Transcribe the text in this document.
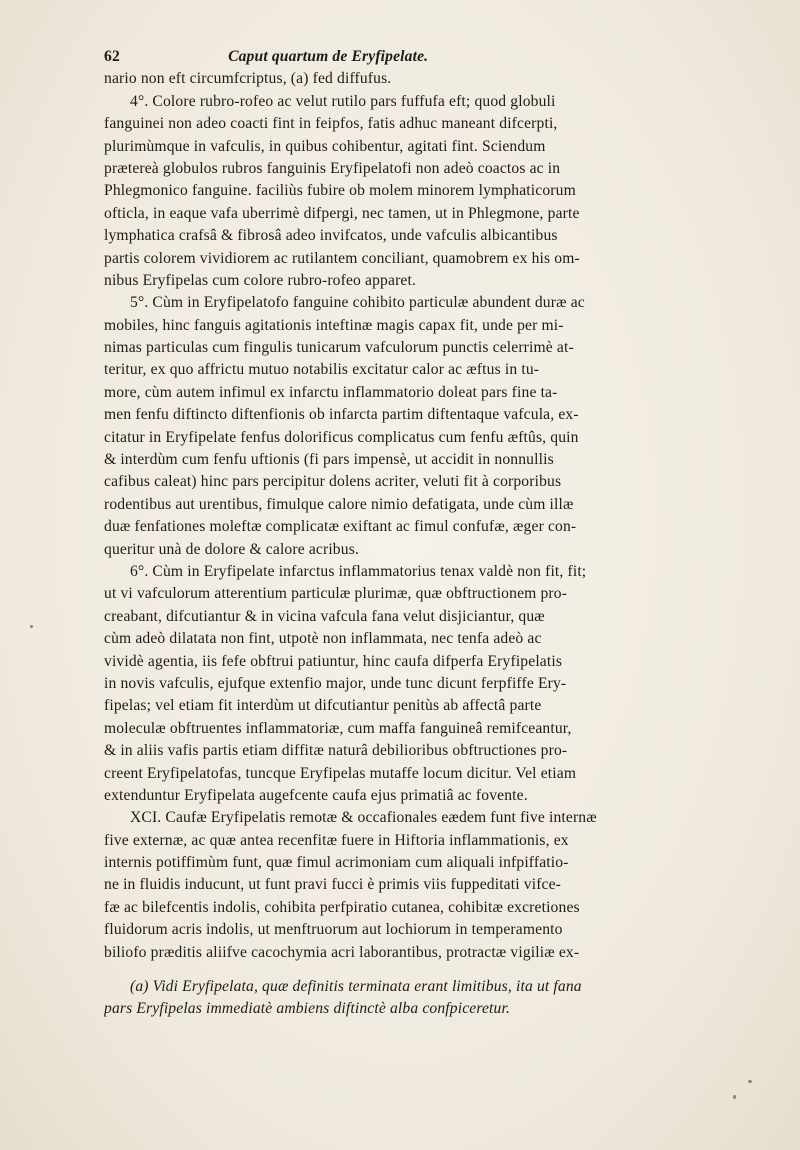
62	Caput quartum de Eryfipelate.
nario non eft circumfcriptus, (a) fed diffufus.
4°. Colore rubro-rofeo ac velut rutilo pars fuffufa eft; quod globuli
fanguinei non adeo coacti fint in feipfos, fatis adhuc maneant difcerpti,
plurimùmque in vafculis, in quibus cohibentur, agitati fint. Sciendum
prætereà globulos rubros fanguinis Eryfipelatofi non adeò coactos ac in
Phlegmonico fanguine. faciliùs fubire ob molem minorem lymphaticorum
ofticla, in eaque vafa uberrimè difpergi, nec tamen, ut in Phlegmone, parte
lymphatica crafsâ & fibrosâ adeo invifcatos, unde vafculis albicantibus
partis colorem vividiorem ac rutilantem conciliant, quamobrem ex his om-
nibus Eryfipelas cum colore rubro-rofeo apparet.
5°. Cùm in Eryfipelatofo fanguine cohibito particulæ abundent duræ ac
mobiles, hinc fanguis agitationis inteftinæ magis capax fit, unde per mi-
nimas particulas cum fingulis tunicarum vafculorum punctis celerrimè at-
teritur, ex quo affrictu mutuo notabilis excitatur calor ac æftus in tu-
more, cùm autem infimul ex infarctu inflammatorio doleat pars fine ta-
men fenfu diftincto diftenfionis ob infarcta partim diftentaque vafcula, ex-
citatur in Eryfipelate fenfus dolorificus complicatus cum fenfu æftûs, quin
& interdùm cum fenfu uftionis (fi pars impensè, ut accidit in nonnullis
cafibus caleat) hinc pars percipitur dolens acriter, veluti fit à corporibus
rodentibus aut urentibus, fimulque calore nimio defatigata, unde cùm illæ
duæ fenfationes moleftæ complicatæ exiftant ac fimul confufæ, æger con-
queritur unà de dolore & calore acribus.
6°. Cùm in Eryfipelate infarctus inflammatorius tenax valdè non fit, fit;
ut vi vafculorum atterentium particulæ plurimæ, quæ obftructionem pro-
creabant, difcutiantur & in vicina vafcula fana velut disjiciantur, quæ
cùm adeò dilatata non fint, utpotè non inflammata, nec tenfa adeò ac
vividè agentia, iis fefe obftrui patiuntur, hinc caufa difperfa Eryfipelatis
in novis vafculis, ejufque extenfio major, unde tunc dicunt ferpfiffe Ery-
fipelas; vel etiam fit interdùm ut difcutiantur penitùs ab affectâ parte
moleculæ obftruentes inflammatoriæ, cum maffa fanguineâ remifceantur,
& in aliis vafis partis etiam diffitæ naturâ debilioribus obftructiones pro-
creent Eryfipelatofas, tuncque Eryfipelas mutaffe locum dicitur. Vel etiam
extenduntur Eryfipelata augefcente caufa ejus primatiâ ac fovente.
XCI. Caufæ Eryfipelatis remotæ & occafionales eædem funt five internæ
five externæ, ac quæ antea recenfitæ fuere in Hiftoria inflammationis, ex
internis potiffimùm funt, quæ fimul acrimoniam cum aliquali infpiffatio-
ne in fluidis inducunt, ut funt pravi fucci è primis viis fuppeditati vifce-
fæ ac bilefcentis indolis, cohibita perfpiratio cutanea, cohibitæ excretiones
fluidorum acris indolis, ut menftruorum aut lochiorum in temperamento
biliofo præditis aliifve cacochymia acri laborantibus, protractæ vigiliæ ex-
(a) Vidi Eryfipelata, quæ definitis terminata erant limitibus, ita ut fana
pars Eryfipelas immediatè ambiens diftinctè alba confpiceretur.
